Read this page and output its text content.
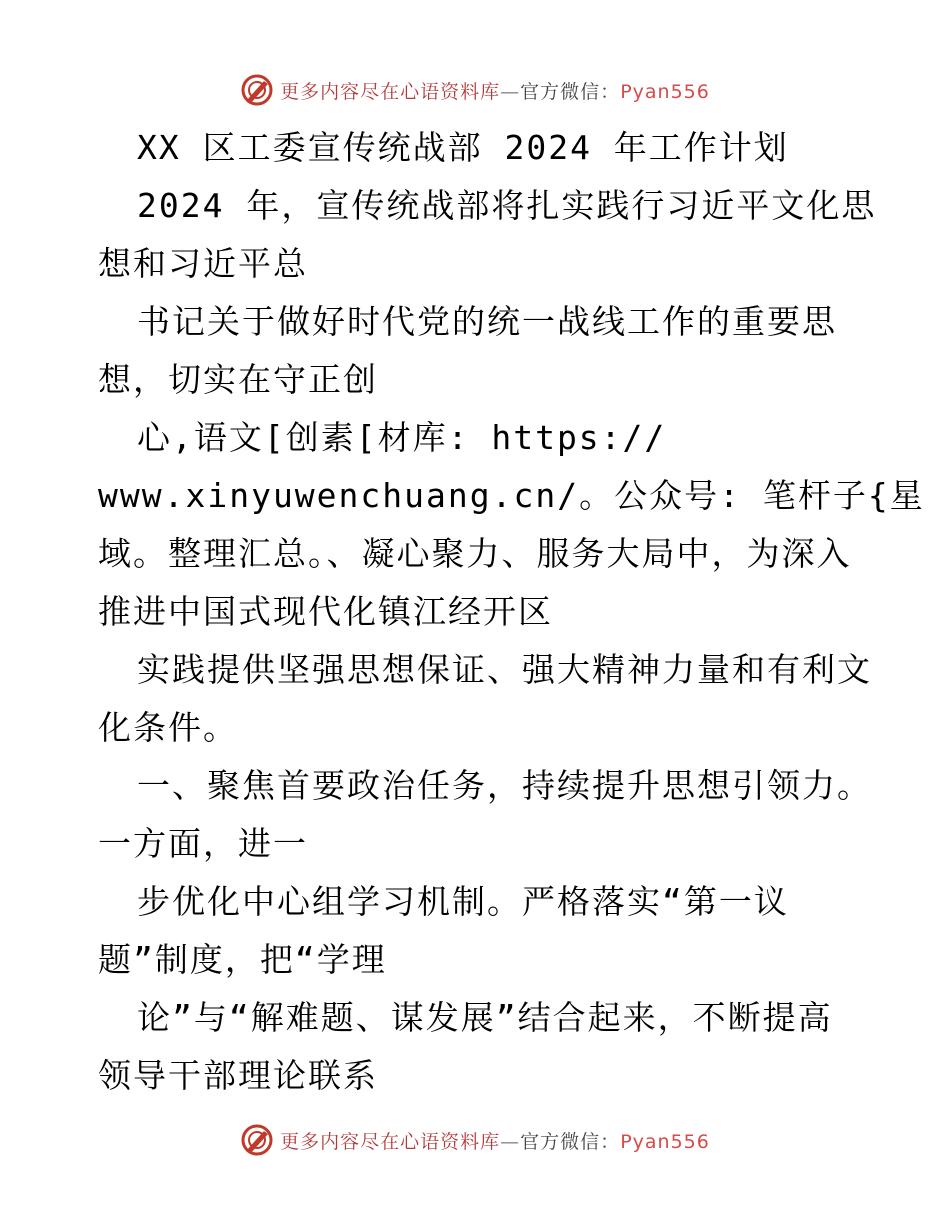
更多内容尽在心语资料库—官方微信：Pyan556
XX 区工委宣传统战部 2024 年工作计划
2024 年，宣传统战部将扎实践行习近平文化思
想和习近平总
书记关于做好时代党的统一战线工作的重要思
想，切实在守正创
心,语文[创素[材库: https://
www.xinyuwenchuang.cn/。公众号: 笔杆子{星
域。整理汇总。、凝心聚力、服务大局中，为深入
推进中国式现代化镇江经开区
实践提供坚强思想保证、强大精神力量和有利文
化条件。
一、聚焦首要政治任务，持续提升思想引领力。
一方面，进一
步优化中心组学习机制。严格落实“第一议
题”制度，把“学理
论”与“解难题、谋发展”结合起来，不断提高
领导干部理论联系
更多内容尽在心语资料库—官方微信：Pyan556
